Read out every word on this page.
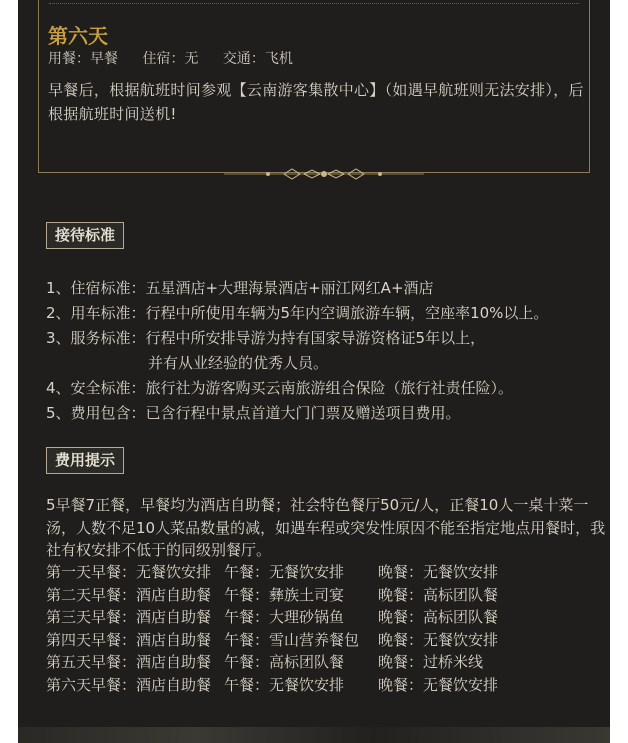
第六天
用餐：早餐 住宿：无 交通：飞机
早餐后，根据航班时间参观【云南游客集散中心】（如遇早航班则无法安排），后根据航班时间送机!
接待标准
1、住宿标准：五星酒店+大理海景酒店+丽江网红A+酒店
2、用车标准：行程中所使用车辆为5年内空调旅游车辆，空座率10%以上。
3、服务标准：行程中所安排导游为持有国家导游资格证5年以上，
并有从业经验的优秀人员。
4、安全标准：旅行社为游客购买云南旅游组合保险（旅行社责任险）。
5、费用包含：已含行程中景点首道大门门票及赠送项目费用。
费用提示
5早餐7正餐，早餐均为酒店自助餐；社会特色餐厅50元/人，正餐10人一桌十菜一汤，人数不足10人菜品数量的减，如遇车程或突发性原因不能至指定地点用餐时，我社有权安排不低于的同级别餐厅。
第一天早餐：无餐饮安排 午餐：无餐饮安排 晚餐：无餐饮安排
第二天早餐：酒店自助餐 午餐：彝族土司宴 晚餐：高标团队餐
第三天早餐：酒店自助餐 午餐：大理砂锅鱼 晚餐：高标团队餐
第四天早餐：酒店自助餐 午餐：雪山营养餐包 晚餐：无餐饮安排
第五天早餐：酒店自助餐 午餐：高标团队餐 晚餐：过桥米线
第六天早餐：酒店自助餐 午餐：无餐饮安排 晚餐：无餐饮安排
